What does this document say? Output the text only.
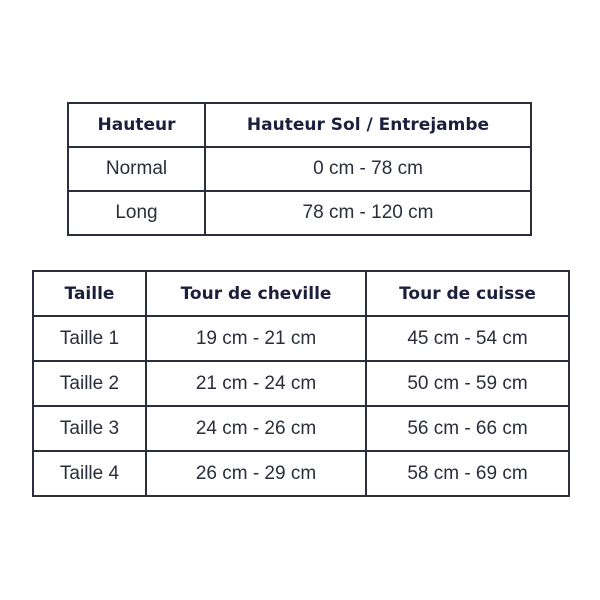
Hauteur	Hauteur Sol / Entrejambe
Normal	0 cm - 78 cm
Long	78 cm - 120 cm
Taille	Tour de cheville	Tour de cuisse
Taille 1	19 cm - 21 cm	45 cm - 54 cm
Taille 2	21 cm - 24 cm	50 cm - 59 cm
Taille 3	24 cm - 26 cm	56 cm - 66 cm
Taille 4	26 cm - 29 cm	58 cm - 69 cm
